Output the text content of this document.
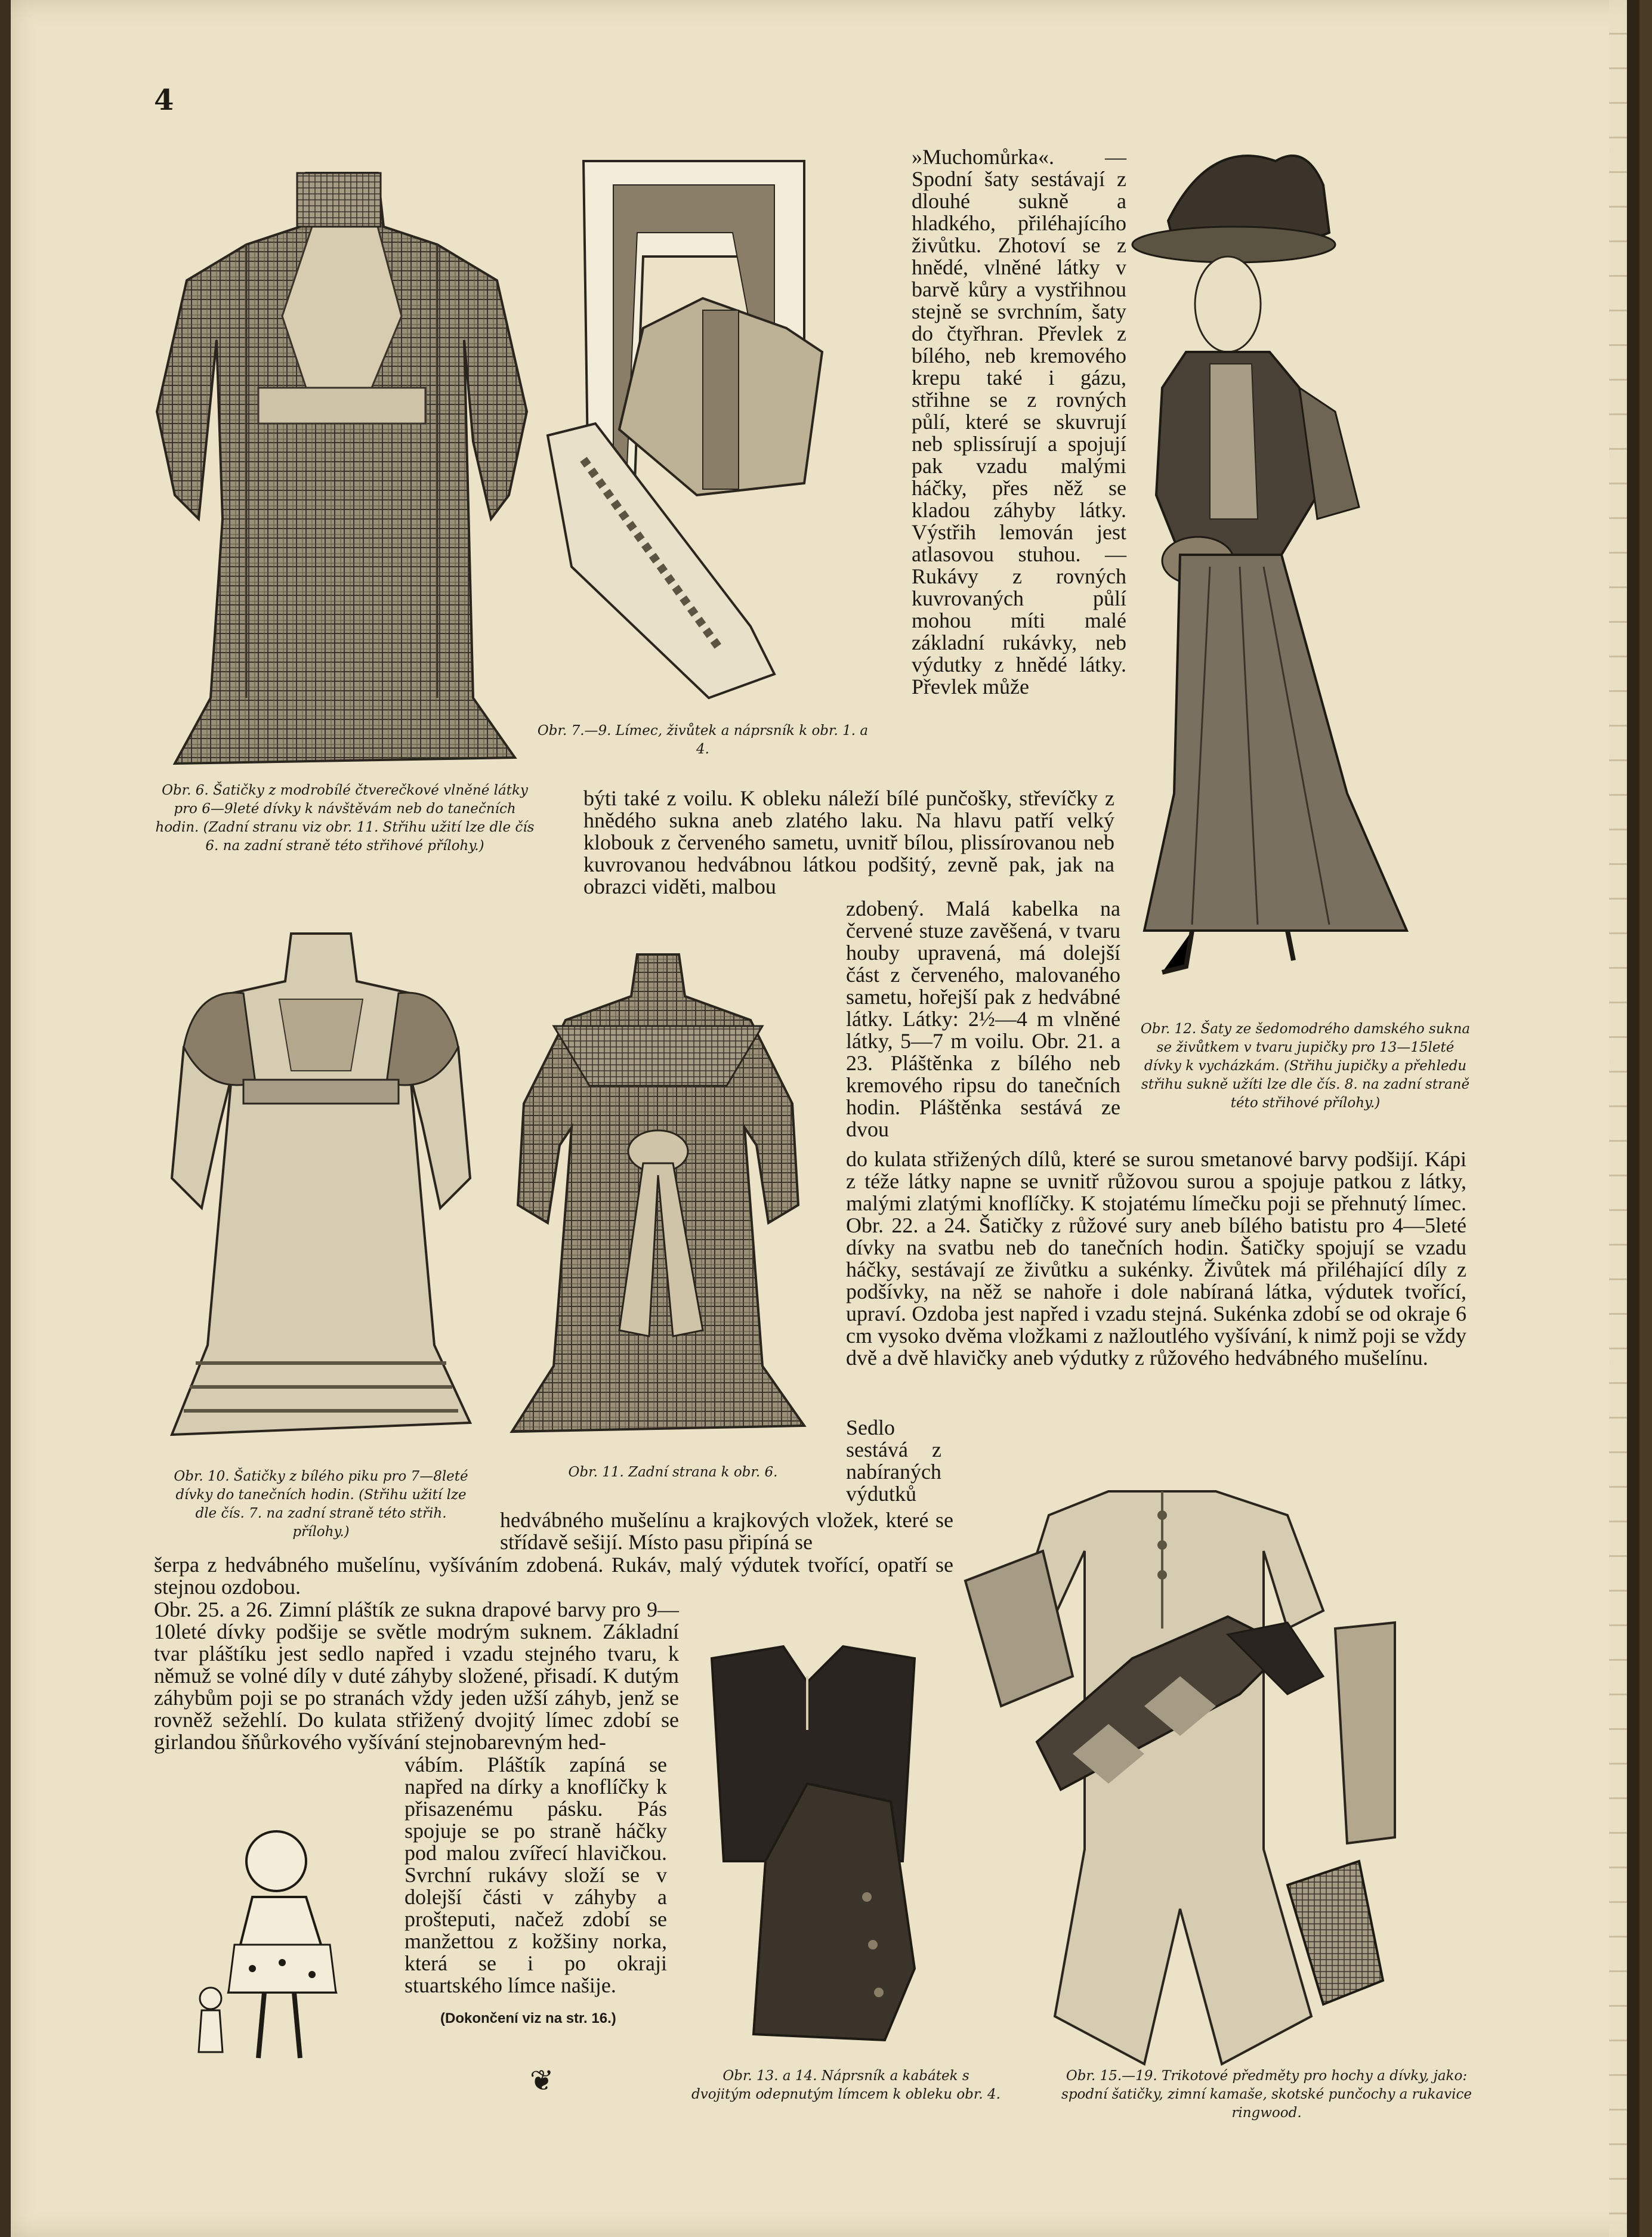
4

Obr. 6. Šatičky z modrobílé čtverečkové vlněné látky pro 6—9leté dívky k návštěvám neb do tanečních hodin. (Zadní stranu viz obr. 11. Střihu užití lze dle čís 6. na zadní straně této střihové přílohy.)

Obr. 7.—9. Límec, živůtek a náprsník k obr. 1. a 4.

Obr. 12. Šaty ze šedomodrého damského sukna se živůtkem v tvaru jupičky pro 13—15leté dívky k vycházkám. (Střihu jupičky a přehledu střihu sukně užíti lze dle čís. 8. na zadní straně této střihové přílohy.)

Obr. 10. Šatičky z bílého piku pro 7—8leté dívky do tanečních hodin. (Střihu užití lze dle čís. 7. na zadní straně této střih. přílohy.)

Obr. 11. Zadní strana k obr. 6.

Obr. 13. a 14. Náprsník a kabátek s dvojitým odepnutým límcem k obleku obr. 4.

Obr. 15.—19. Trikotové předměty pro hochy a dívky, jako: spodní šatičky, zimní kamaše, skotské punčochy a rukavice ringwood.

»Muchomůrka«. — Spodní šaty sestávají z dlouhé sukně a hladkého, přiléhajícího živůtku. Zhotoví se z hnědé, vlněné látky v barvě kůry a vystřihnou stejně se svrchním, šaty do čtyřhran. Převlek z bílého, neb kremového krepu také i gázu, střihne se z rovných půlí, které se skuvrují neb splissírují a spojují pak vzadu malými háčky, přes něž se kladou záhyby látky. Výstřih lemován jest atlasovou stuhou. — Rukávy z rovných kuvrovaných půlí mohou míti malé základní rukávky, neb výdutky z hnědé látky. Převlek může

býti také z voilu. K obleku náleží bílé punčošky, střevíčky z hnědého sukna aneb zlatého laku. Na hlavu patří velký klobouk z červeného sametu, uvnitř bílou, plissírovanou neb kuvrovanou hedvábnou látkou podšitý, zevně pak, jak na obrazci viděti, malbou

zdobený. Malá kabelka na červené stuze zavěšená, v tvaru houby upravená, má dolejší část z červeného, malovaného sametu, hořejší pak z hedvábné látky. Látky: 2½—4 m vlněné látky, 5—7 m voilu. Obr. 21. a 23. Pláštěnka z bílého neb kremového ripsu do tanečních hodin. Pláštěnka sestává ze dvou

do kulata střižených dílů, které se surou smetanové barvy podšijí. Kápi z téže látky napne se uvnitř růžovou surou a spojuje patkou z látky, malými zlatými knoflíčky. K stojatému límečku poji se přehnutý límec. Obr. 22. a 24. Šatičky z růžové sury aneb bílého batistu pro 4—5leté dívky na svatbu neb do tanečních hodin. Šatičky spojují se vzadu háčky, sestávají ze živůtku a sukénky. Živůtek má přiléhající díly z podšívky, na něž se nahoře i dole nabíraná látka, výdutek tvořící, upraví. Ozdoba jest napřed i vzadu stejná. Sukénka zdobí se od okraje 6 cm vysoko dvěma vložkami z nažloutlého vyšívání, k nimž poji se vždy dvě a dvě hlavičky aneb výdutky z růžového hedvábného mušelínu.

Sedlo sestává z nabíraných výdutků

hedvábného mušelínu a krajkových vložek, které se střídavě sešijí. Místo pasu připíná se

šerpa z hedvábného mušelínu, vyšíváním zdobená. Rukáv, malý výdutek tvořící, opatří se stejnou ozdobou.

Obr. 25. a 26. Zimní pláštík ze sukna drapové barvy pro 9—10leté dívky podšije se světle modrým suknem. Základní tvar pláštíku jest sedlo napřed i vzadu stejného tvaru, k němuž se volné díly v duté záhyby složené, přisadí. K dutým záhybům poji se po stranách vždy jeden užší záhyb, jenž se rovněž sežehlí. Do kulata střižený dvojitý límec zdobí se girlandou šňůrkového vyšívání stejnobarevným hed-

vábím. Pláštík zapíná se napřed na dírky a knoflíčky k přisazenému pásku. Pás spojuje se po straně háčky pod malou zvířecí hlavičkou. Svrchní rukávy složí se v dolejší části v záhyby a prošteputi, načež zdobí se manžettou z kožšiny norka, která se i po okraji stuartského límce našije.

(Dokončení viz na str. 16.)
❦
